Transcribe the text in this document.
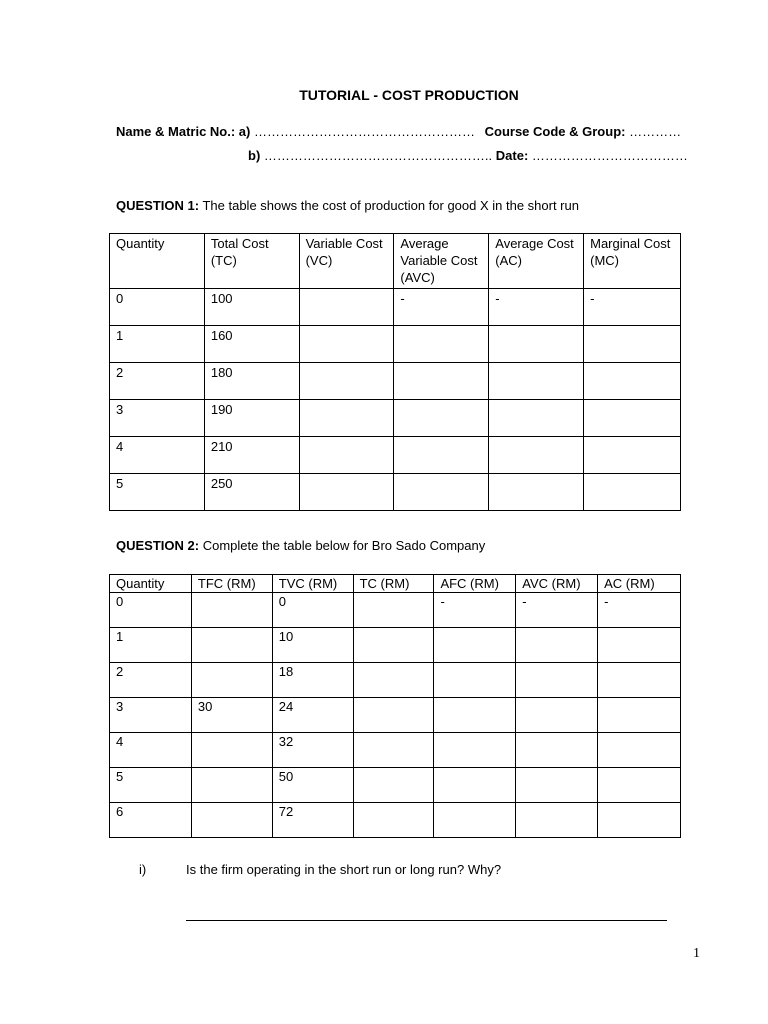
TUTORIAL - COST PRODUCTION
Name & Matric No.: a) …………………………………………… Course Code & Group: …………
b) …………………………………………….. Date: ………………………………
QUESTION 1: The table shows the cost of production for good X in the short run
Quantity	Total Cost (TC)	Variable Cost (VC)	Average Variable Cost (AVC)	Average Cost (AC)	Marginal Cost (MC)
0	100		-	-	-
1	160				
2	180				
3	190				
4	210				
5	250				
QUESTION 2: Complete the table below for Bro Sado Company
Quantity	TFC (RM)	TVC (RM)	TC (RM)	AFC (RM)	AVC (RM)	AC (RM)
0		0		-	-	-
1		10				
2		18				
3	30	24				
4		32				
5		50				
6		72				
i)	Is the firm operating in the short run or long run? Why?
1
